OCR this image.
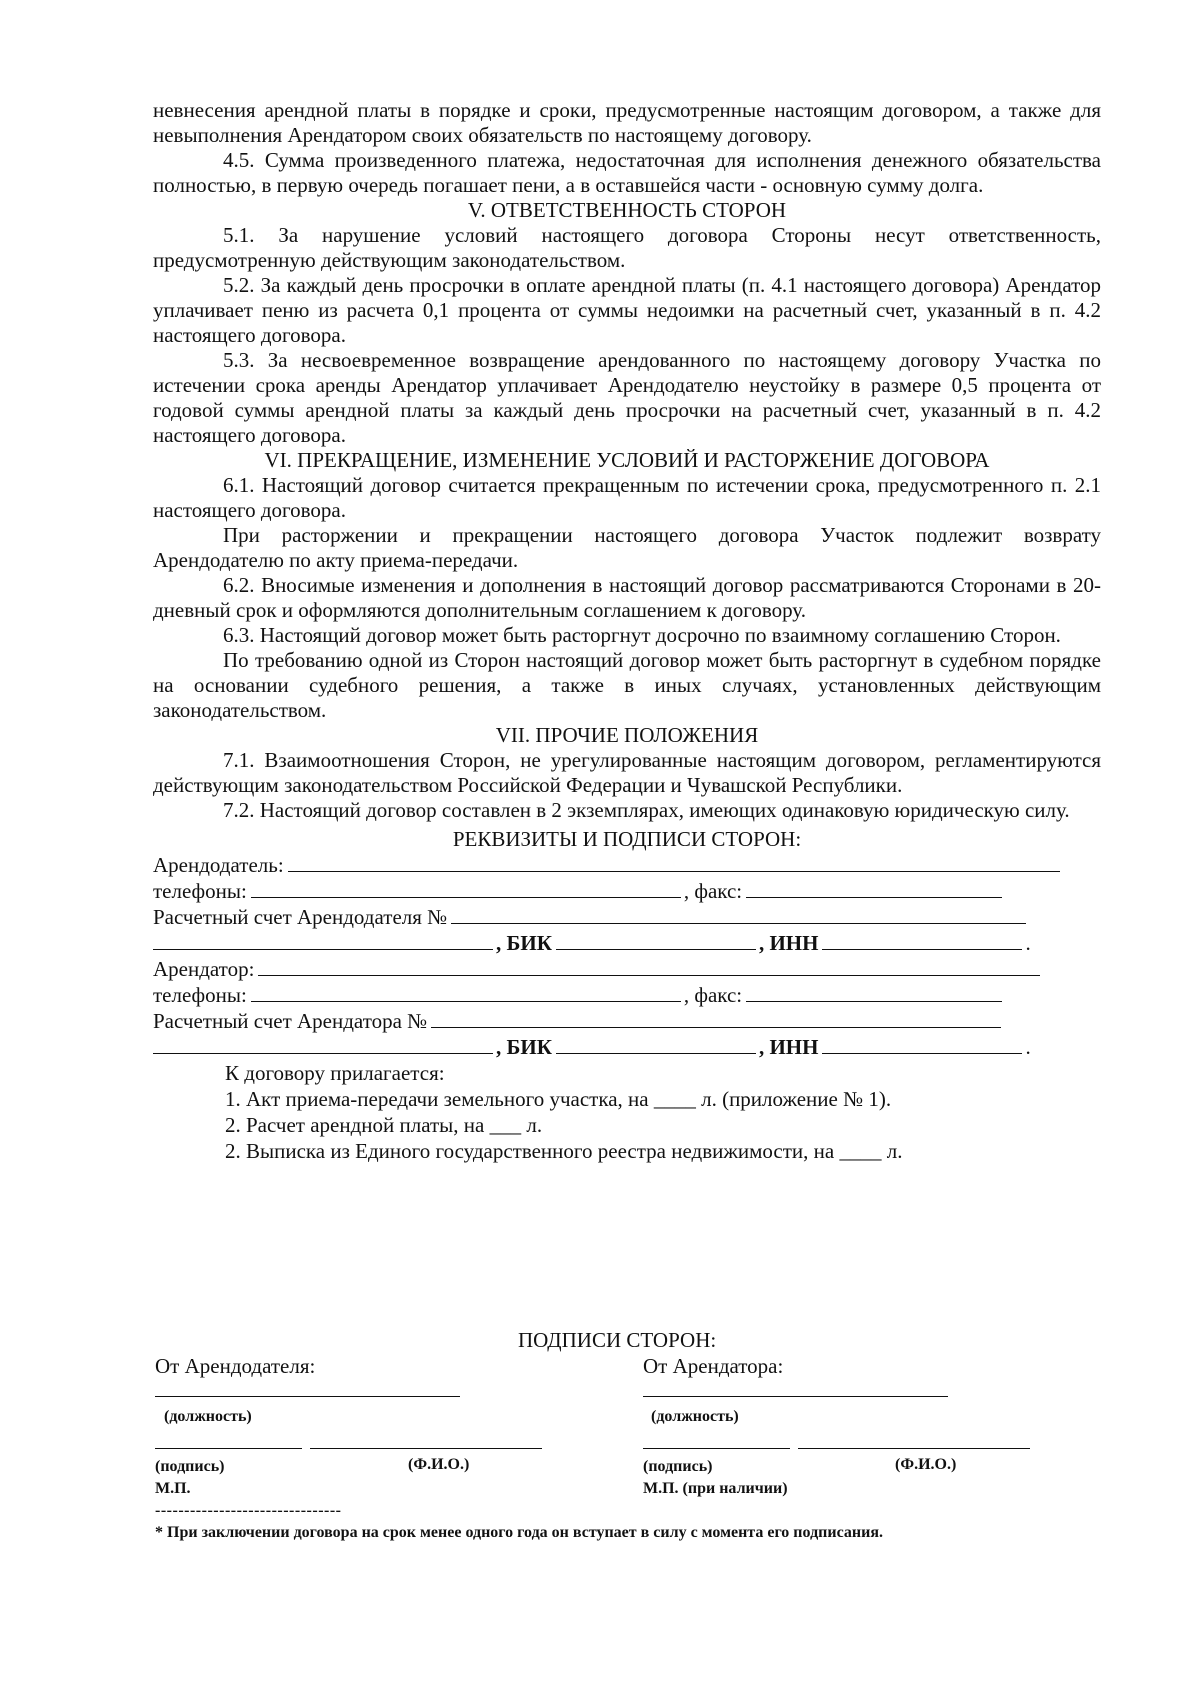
невнесения арендной платы в порядке и сроки, предусмотренные настоящим договором, а также для невыполнения Арендатором своих обязательств по настоящему договору.

4.5. Сумма произведенного платежа, недостаточная для исполнения денежного обязательства полностью, в первую очередь погашает пени, а в оставшейся части - основную сумму долга.

V. ОТВЕТСТВЕННОСТЬ СТОРОН

5.1. За нарушение условий настоящего договора Стороны несут ответственность, предусмотренную действующим законодательством.

5.2. За каждый день просрочки в оплате арендной платы (п. 4.1 настоящего договора) Арендатор уплачивает пеню из расчета 0,1 процента от суммы недоимки на расчетный счет, указанный в п. 4.2 настоящего договора.

5.3. За несвоевременное возвращение арендованного по настоящему договору Участка по истечении срока аренды Арендатор уплачивает Арендодателю неустойку в размере 0,5 процента от годовой суммы арендной платы за каждый день просрочки на расчетный счет, указанный в п. 4.2 настоящего договора.

VI. ПРЕКРАЩЕНИЕ, ИЗМЕНЕНИЕ УСЛОВИЙ И РАСТОРЖЕНИЕ ДОГОВОРА

6.1. Настоящий договор считается прекращенным по истечении срока, предусмотренного п. 2.1 настоящего договора.

При расторжении и прекращении настоящего договора Участок подлежит возврату Арендодателю по акту приема-передачи.

6.2. Вносимые изменения и дополнения в настоящий договор рассматриваются Сторонами в 20-дневный срок и оформляются дополнительным соглашением к договору.

6.3. Настоящий договор может быть расторгнут досрочно по взаимному соглашению Сторон.

По требованию одной из Сторон настоящий договор может быть расторгнут в судебном порядке на основании судебного решения, а также в иных случаях, установленных действующим законодательством.

VII. ПРОЧИЕ ПОЛОЖЕНИЯ

7.1. Взаимоотношения Сторон, не урегулированные настоящим договором, регламентируются действующим законодательством Российской Федерации и Чувашской Республики.

7.2. Настоящий договор составлен в 2 экземплярах, имеющих одинаковую юридическую силу.

РЕКВИЗИТЫ И ПОДПИСИ СТОРОН:

Арендодатель:
телефоны:	, факс:
Расчетный счет Арендодателя №
, БИК	, ИНН	.
Арендатор:
телефоны:	, факс:
Расчетный счет Арендатора №
, БИК	, ИНН	.
К договору прилагается:
1. Акт приема-передачи земельного участка, на ____ л. (приложение № 1).
2. Расчет арендной платы, на ___ л.
2. Выписка из Единого государственного реестра недвижимости, на ____ л.
ПОДПИСИ СТОРОН:
От Арендодателя:	От Арендатора:
(должность)	(должность)
(подпись)	(Ф.И.О.)	(подпись)	(Ф.И.О.)
М.П.	М.П. (при наличии)
--------------------------------
* При заключении договора на срок менее одного года он вступает в силу с момента его подписания.
